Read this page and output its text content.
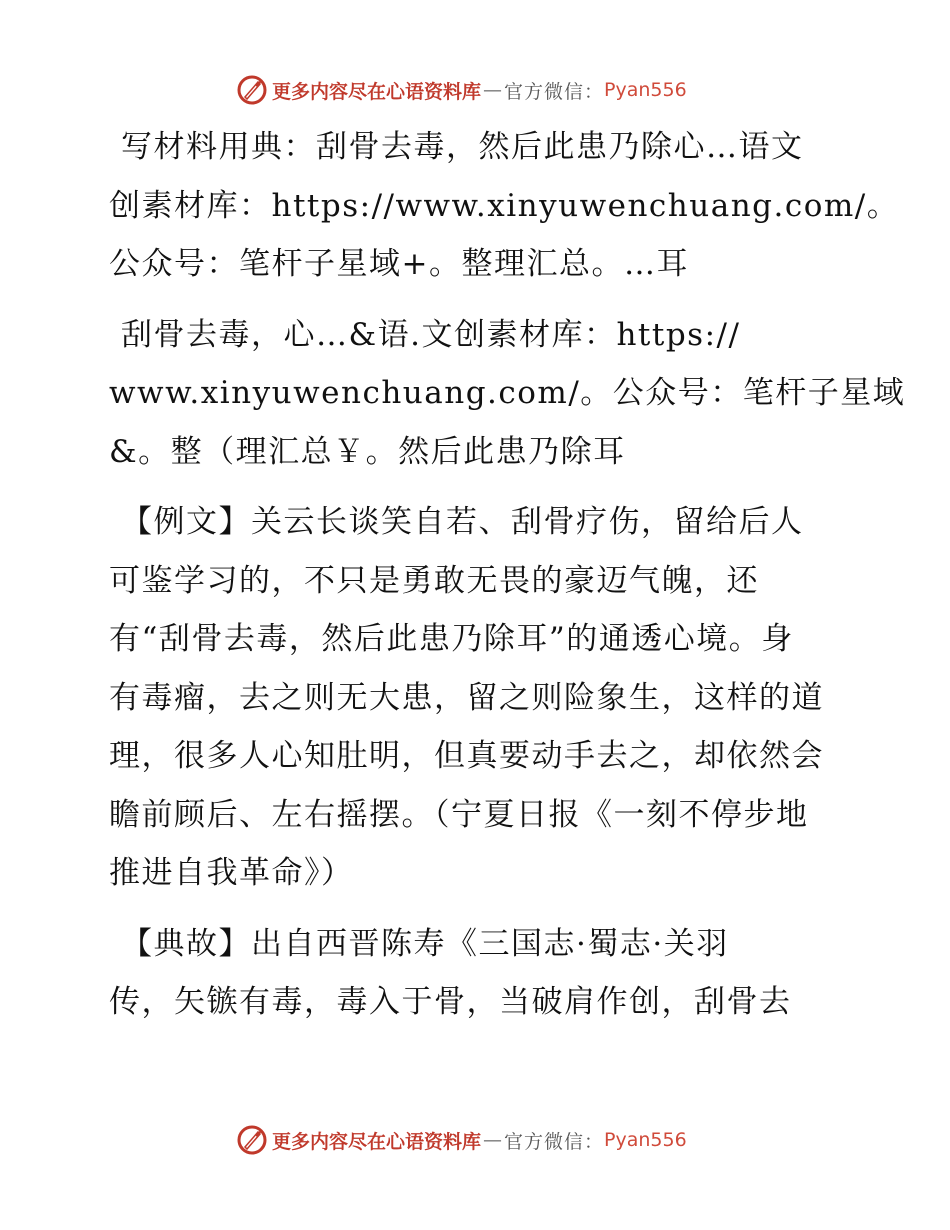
更多内容尽在心语资料库 — 官方微信： Pyan556
写材料用典：刮骨去毒，然后此患乃除心…语文
创素材库：https://www.xinyuwenchuang.com/。
公众号：笔杆子星域+。整理汇总。…耳
刮骨去毒，心…&语.文创素材库：https://
www.xinyuwenchuang.com/。公众号：笔杆子星域
&。整（理汇总￥。然后此患乃除耳
【例文】关云长谈笑自若、刮骨疗伤，留给后人
可鉴学习的，不只是勇敢无畏的豪迈气魄，还
有“刮骨去毒，然后此患乃除耳”的通透心境。身
有毒瘤，去之则无大患，留之则险象生，这样的道
理，很多人心知肚明，但真要动手去之，却依然会
瞻前顾后、左右摇摆。（宁夏日报《一刻不停步地
推进自我革命》）
【典故】出自西晋陈寿《三国志·蜀志·关羽
传，矢镞有毒，毒入于骨，当破肩作创，刮骨去
更多内容尽在心语资料库 — 官方微信： Pyan556
